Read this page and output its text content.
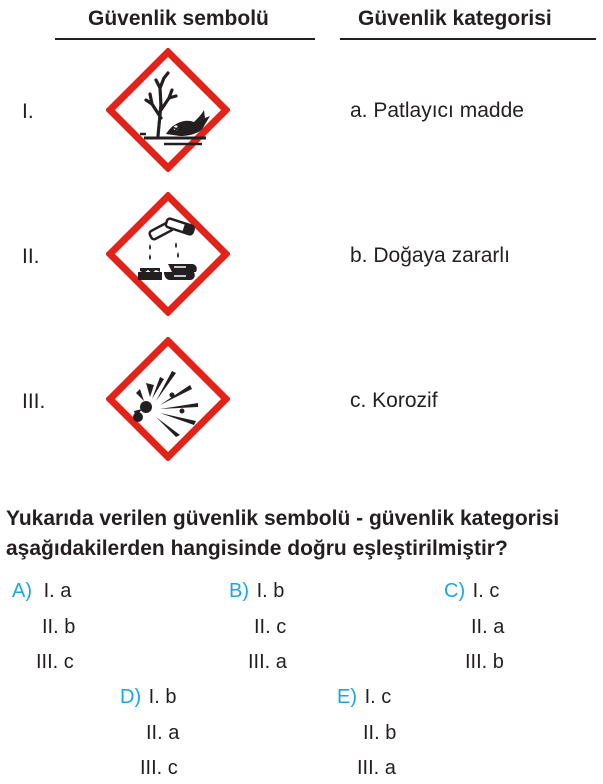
Güvenlik sembolü	Güvenlik kategorisi
I.	a. Patlayıcı madde
II.	b. Doğaya zararlı
III.	c. Korozif
Yukarıda verilen güvenlik sembolü - güvenlik kategorisi
aşağıdakilerden hangisinde doğru eşleştirilmiştir?
A) I. a
II. b
III. c
B) I. b
II. c
III. a
C) I. c
II. a
III. b
D) I. b
II. a
III. c
E) I. c
II. b
III. a
